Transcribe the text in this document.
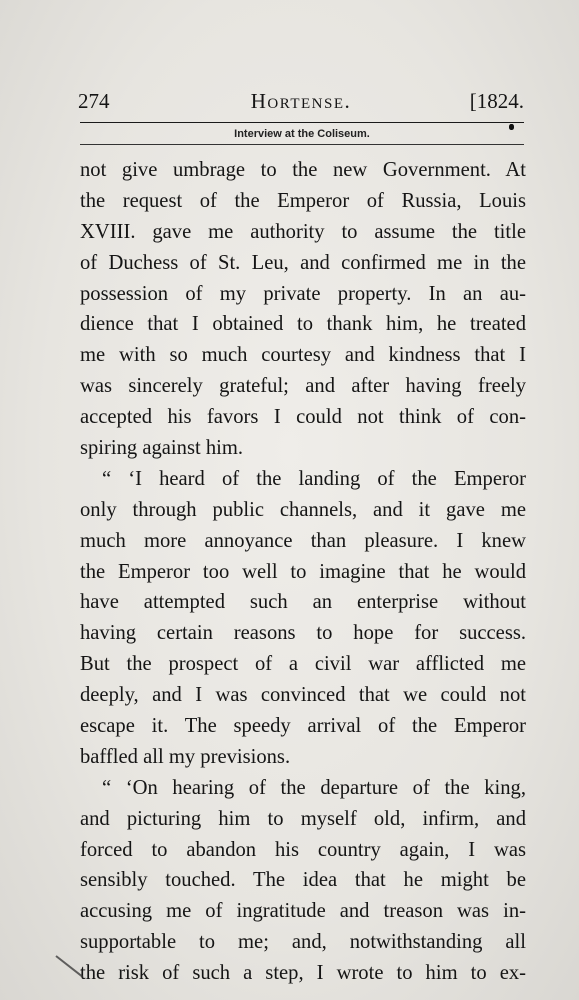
274	Hortense.	[1824.
Interview at the Coliseum.
not give umbrage to the new Government. At
the request of the Emperor of Russia, Louis
XVIII. gave me authority to assume the title
of Duchess of St. Leu, and confirmed me in the
possession of my private property. In an au-
dience that I obtained to thank him, he treated
me with so much courtesy and kindness that I
was sincerely grateful; and after having freely
accepted his favors I could not think of con-
spiring against him.
“ ‘I heard of the landing of the Emperor
only through public channels, and it gave me
much more annoyance than pleasure. I knew
the Emperor too well to imagine that he would
have attempted such an enterprise without
having certain reasons to hope for success.
But the prospect of a civil war afflicted me
deeply, and I was convinced that we could not
escape it. The speedy arrival of the Emperor
baffled all my previsions.
“ ‘On hearing of the departure of the king,
and picturing him to myself old, infirm, and
forced to abandon his country again, I was
sensibly touched. The idea that he might be
accusing me of ingratitude and treason was in-
supportable to me; and, notwithstanding all
the risk of such a step, I wrote to him to ex-
